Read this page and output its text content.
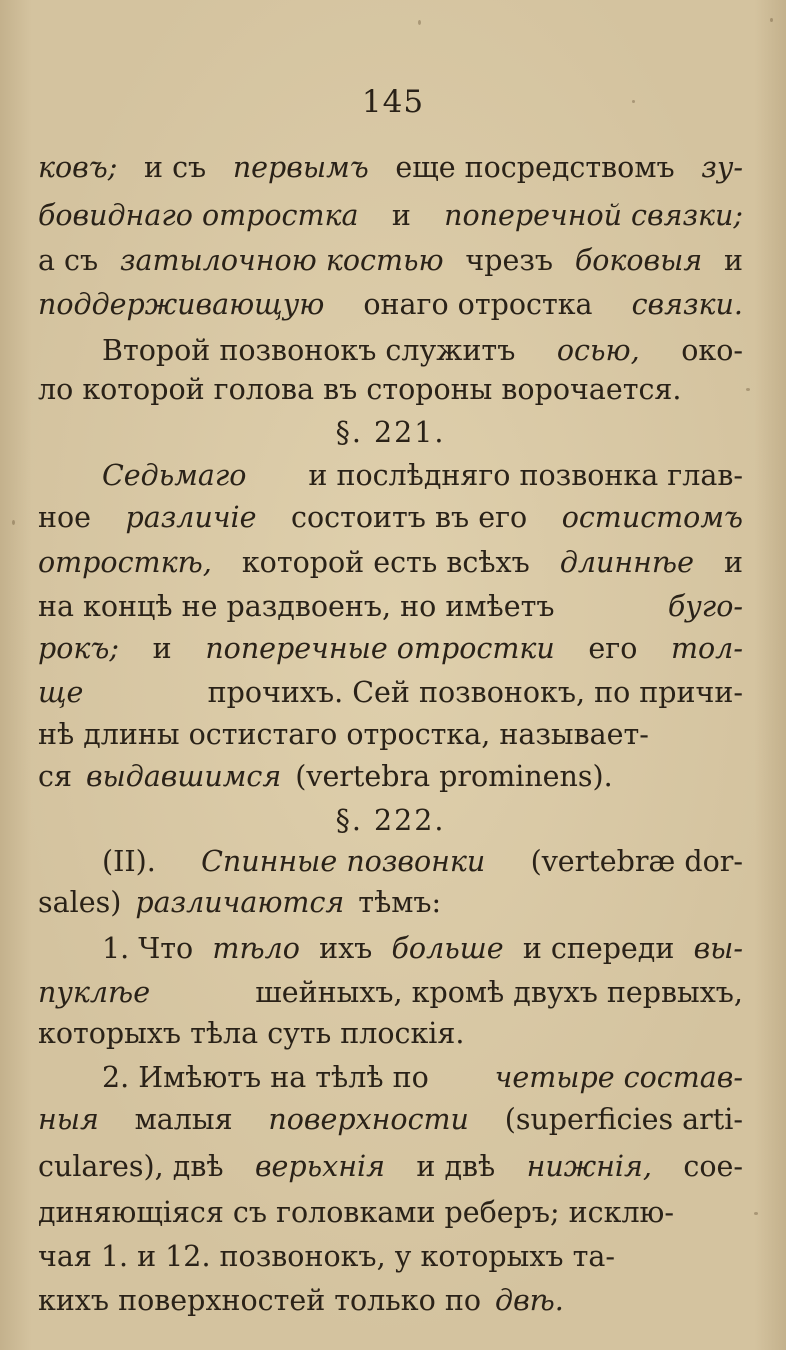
145
ковъ; и съ первымъ еще посредствомъ зу-
бовиднаго отростка и поперечной связки;
а съ затылочною костью чрезъ боковыя и
поддерживающую онаго отростка связки.
Второй позвонокъ служитъ осью, око-
ло которой голова въ стороны ворочается.
§. 221.
Седьмаго и послѣдняго позвонка глав-
ное различіе состоитъ въ его остистомъ
отросткѣ, которой есть всѣхъ длиннѣе и
на концѣ не раздвоенъ, но имѣетъ	буго-
рокъ; и поперечные отростки его тол-
ще	прочихъ. Сей позвонокъ, по причи-
нѣ длины остистаго отростка, называет-
ся выдавшимся (vertebra prominens).
§. 222.
(II). Спинные позвонки (vertebræ dor-
sales) различаются тѣмъ:
1. Что тѣло ихъ больше и спереди вы-
пуклѣе	шейныхъ, кромѣ двухъ первыхъ,
которыхъ тѣла суть плоскія.
2. Имѣютъ на тѣлѣ по четыре состав-
ныя малыя поверхности (superficies arti-
culares), двѣ верьхнія и двѣ нижнія, сое-
диняющіяся съ головками реберъ; исклю-
чая 1. и 12. позвонокъ, у которыхъ та-
кихъ поверхностей только по двѣ.
